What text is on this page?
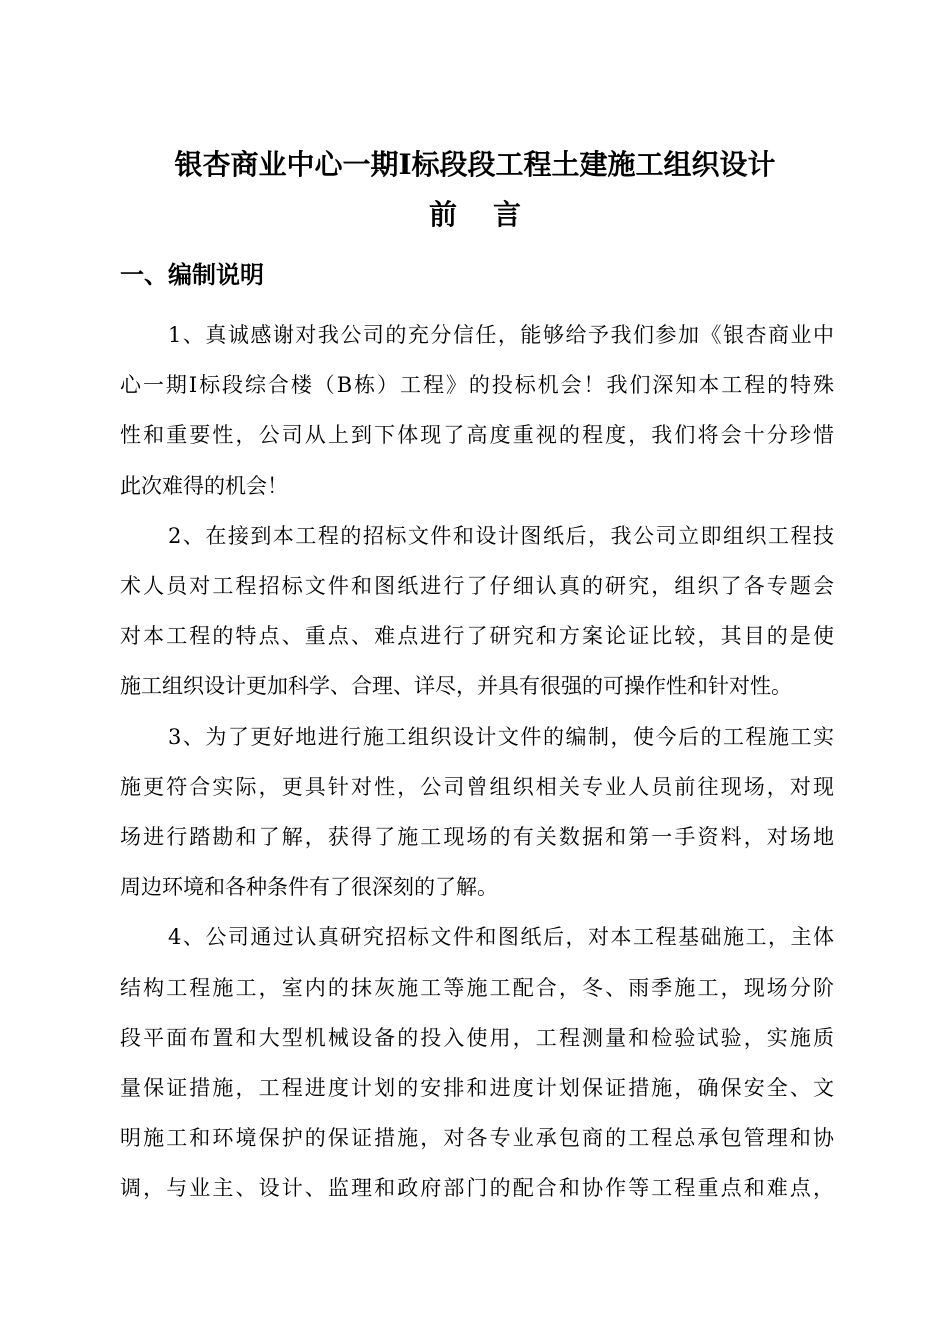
银杏商业中心一期Ⅰ标段段工程土建施工组织设计
前言
一、编制说明
1、真诚感谢对我公司的充分信任，能够给予我们参加《银杏商业中
心一期Ⅰ标段综合楼（B栋）工程》的投标机会！我们深知本工程的特殊
性和重要性，公司从上到下体现了高度重视的程度，我们将会十分珍惜
此次难得的机会！
2、在接到本工程的招标文件和设计图纸后，我公司立即组织工程技
术人员对工程招标文件和图纸进行了仔细认真的研究，组织了各专题会
对本工程的特点、重点、难点进行了研究和方案论证比较，其目的是使
施工组织设计更加科学、合理、详尽，并具有很强的可操作性和针对性。
3、为了更好地进行施工组织设计文件的编制，使今后的工程施工实
施更符合实际，更具针对性，公司曾组织相关专业人员前往现场，对现
场进行踏勘和了解，获得了施工现场的有关数据和第一手资料，对场地
周边环境和各种条件有了很深刻的了解。
4、公司通过认真研究招标文件和图纸后，对本工程基础施工，主体
结构工程施工，室内的抹灰施工等施工配合，冬、雨季施工，现场分阶
段平面布置和大型机械设备的投入使用，工程测量和检验试验，实施质
量保证措施，工程进度计划的安排和进度计划保证措施，确保安全、文
明施工和环境保护的保证措施，对各专业承包商的工程总承包管理和协
调，与业主、设计、监理和政府部门的配合和协作等工程重点和难点，
